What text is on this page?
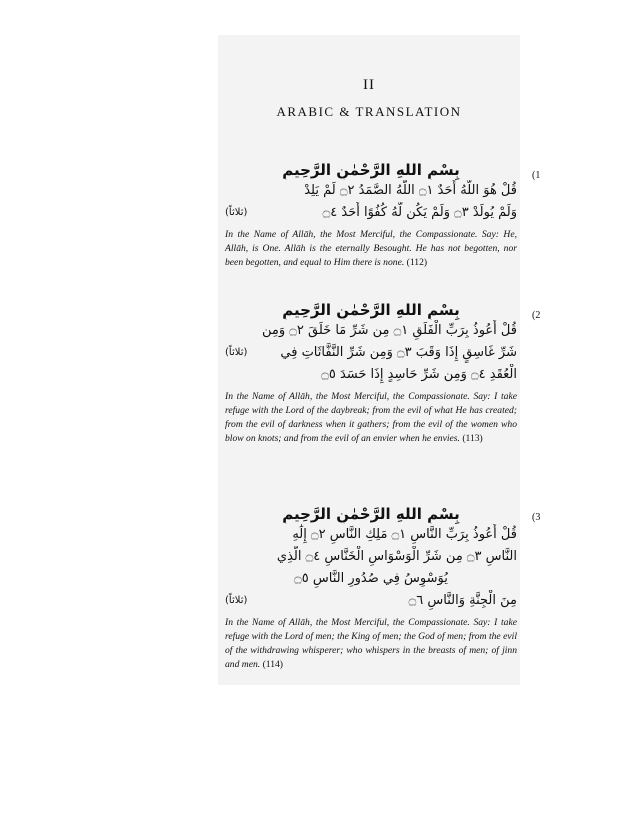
II
ARABIC & TRANSLATION
(1
بِسْمِ اللهِ الرَّحْمٰنِ الرَّحِيمِ
قُلْ هُوَ اللَّهُ أَحَدٌ ۝١ اللَّهُ الصَّمَدُ ۝٢ لَمْ يَلِدْ
وَلَمْ يُولَدْ ۝٣ وَلَمْ يَكُن لَّهُ كُفُوًا أَحَدٌ ۝٤
(ثلاثاً)
In the Name of Allāh, the Most Merciful, the Compassionate. Say: He, Allāh, is One. Allāh is the eternally Besought. He has not begotten, nor been begotten, and equal to Him there is none. (112)
(2
بِسْمِ اللهِ الرَّحْمٰنِ الرَّحِيمِ
قُلْ أَعُوذُ بِرَبِّ الْفَلَقِ ۝١ مِن شَرِّ مَا خَلَقَ ۝٢ وَمِن
شَرِّ غَاسِقٍ إِذَا وَقَبَ ۝٣ وَمِن شَرِّ النَّفَّاثَاتِ فِي
(ثلاثاً)
الْعُقَدِ ۝٤ وَمِن شَرِّ حَاسِدٍ إِذَا حَسَدَ ۝٥
In the Name of Allāh, the Most Merciful, the Compassionate. Say: I take refuge with the Lord of the daybreak; from the evil of what He has created; from the evil of darkness when it gathers; from the evil of the women who blow on knots; and from the evil of an envier when he envies. (113)
(3
بِسْمِ اللهِ الرَّحْمٰنِ الرَّحِيمِ
قُلْ أَعُوذُ بِرَبِّ النَّاسِ ۝١ مَلِكِ النَّاسِ ۝٢ إِلَٰهِ
النَّاسِ ۝٣ مِن شَرِّ الْوَسْوَاسِ الْخَنَّاسِ ۝٤ الَّذِي
يُوَسْوِسُ فِي صُدُورِ النَّاسِ ۝٥
مِنَ الْجِنَّةِ وَالنَّاسِ ۝٦
(ثلاثاً)
In the Name of Allāh, the Most Merciful, the Compassionate. Say: I take refuge with the Lord of men; the King of men; the God of men; from the evil of the withdrawing whisperer; who whispers in the breasts of men; of jinn and men. (114)
